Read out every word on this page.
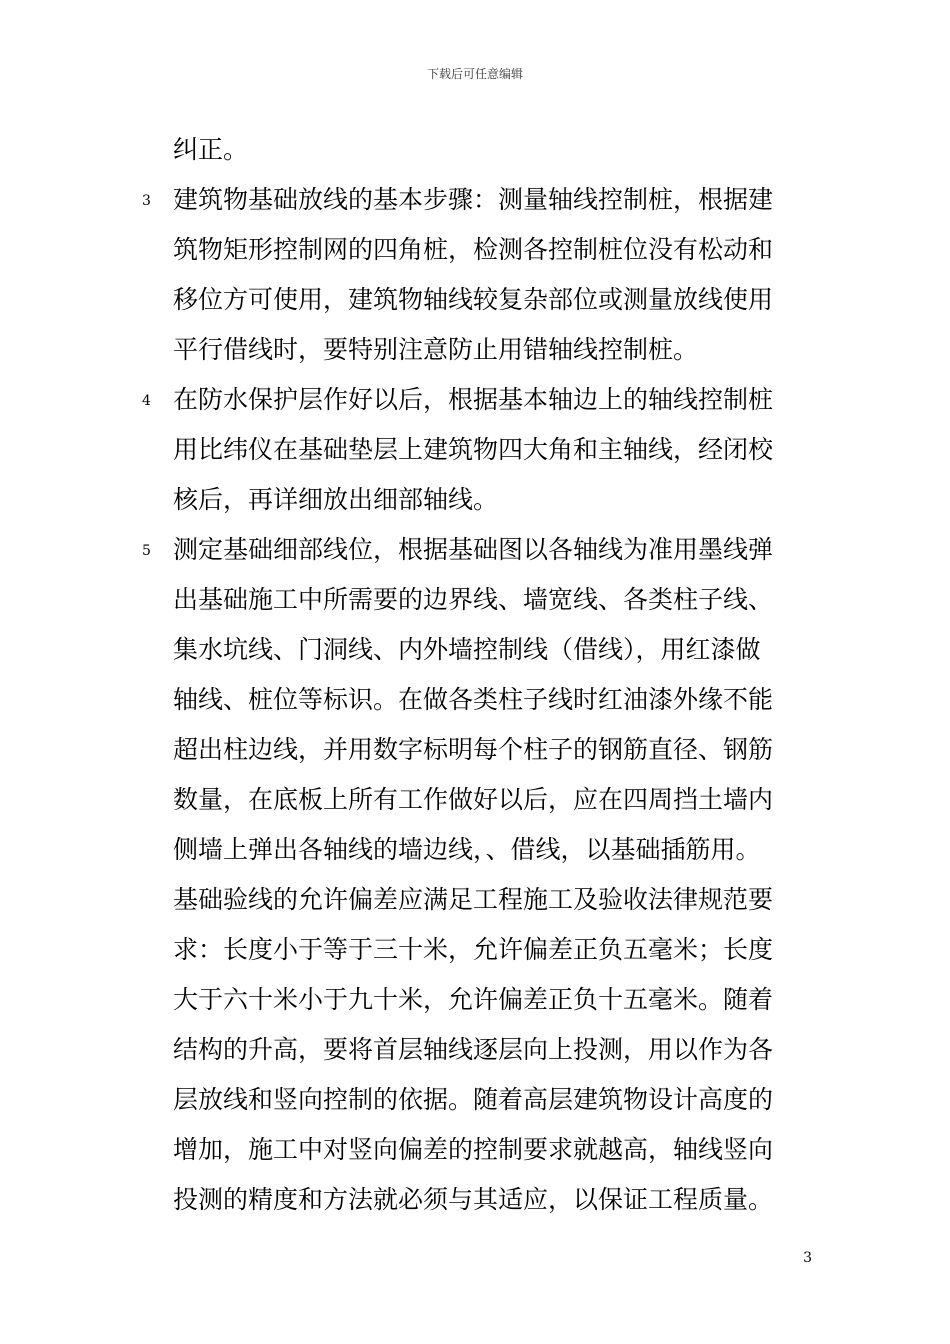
下载后可任意编辑
纠正。
3 建筑物基础放线的基本步骤：测量轴线控制桩，根据建
筑物矩形控制网的四角桩，检测各控制桩位没有松动和
移位方可使用，建筑物轴线较复杂部位或测量放线使用
平行借线时，要特别注意防止用错轴线控制桩。
4 在防水保护层作好以后，根据基本轴边上的轴线控制桩
用比纬仪在基础垫层上建筑物四大角和主轴线，经闭校
核后，再详细放出细部轴线。
5 测定基础细部线位，根据基础图以各轴线为准用墨线弹
出基础施工中所需要的边界线、墙宽线、各类柱子线、
集水坑线、门洞线、内外墙控制线（借线），用红漆做
轴线、桩位等标识。在做各类柱子线时红油漆外缘不能
超出柱边线，并用数字标明每个柱子的钢筋直径、钢筋
数量，在底板上所有工作做好以后，应在四周挡土墙内
侧墙上弹出各轴线的墙边线，、借线，以基础插筋用。
基础验线的允许偏差应满足工程施工及验收法律规范要
求：长度小于等于三十米，允许偏差正负五毫米；长度
大于六十米小于九十米，允许偏差正负十五毫米。随着
结构的升高，要将首层轴线逐层向上投测，用以作为各
层放线和竖向控制的依据。随着高层建筑物设计高度的
增加，施工中对竖向偏差的控制要求就越高，轴线竖向
投测的精度和方法就必须与其适应，以保证工程质量。
3
